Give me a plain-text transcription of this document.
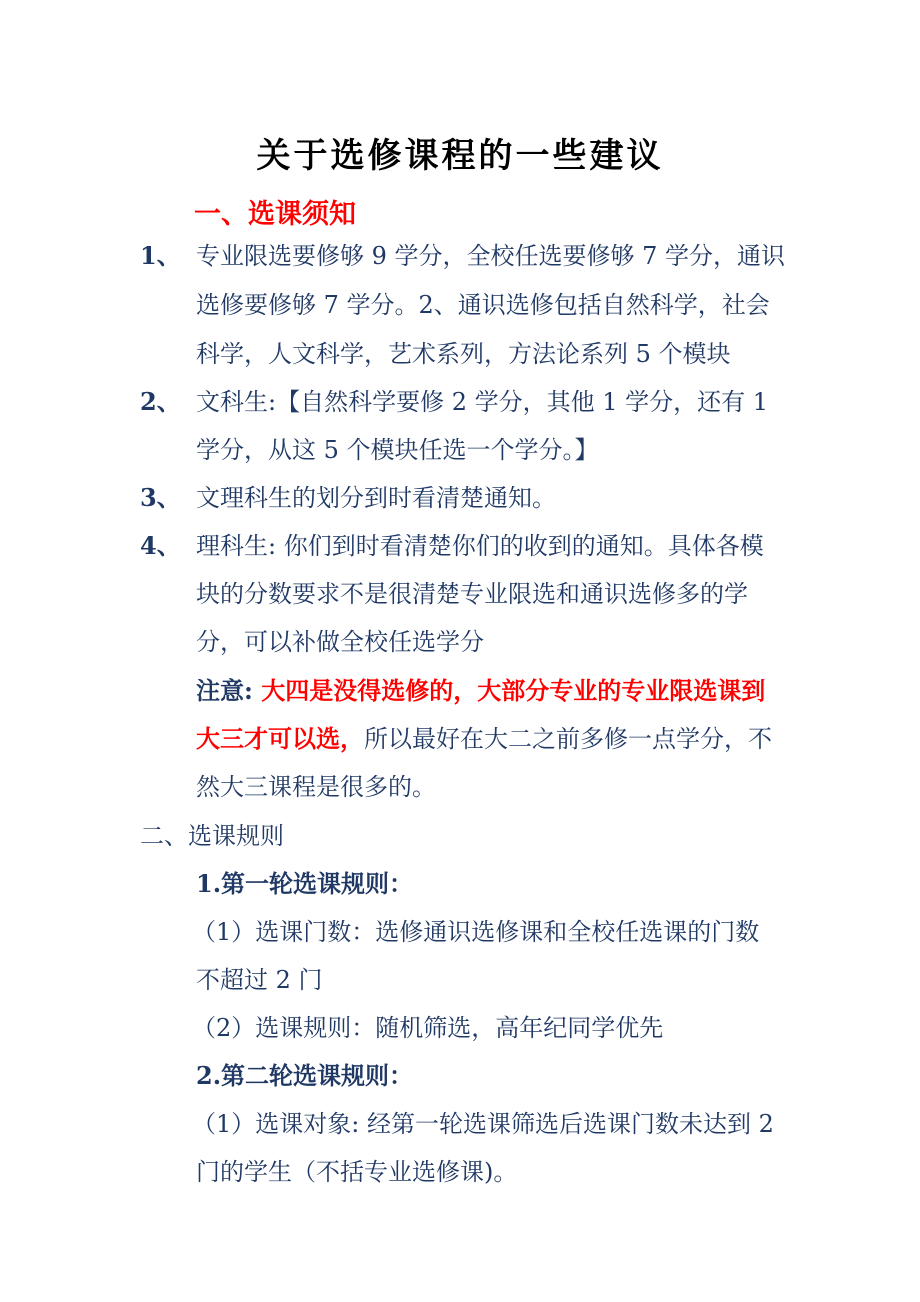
关于选修课程的一些建议
一、选课须知
1、 专业限选要修够 9 学分，全校任选要修够 7 学分，通识
选修要修够 7 学分。2、通识选修包括自然科学，社会
科学，人文科学，艺术系列，方法论系列 5 个模块
2、 文科生:【自然科学要修 2 学分，其他 1 学分，还有 1
学分，从这 5 个模块任选一个学分。】
3、 文理科生的划分到时看清楚通知。
4、 理科生: 你们到时看清楚你们的收到的通知。具体各模
块的分数要求不是很清楚专业限选和通识选修多的学
分，可以补做全校任选学分
注意: 大四是没得选修的，大部分专业的专业限选课到
大三才可以选，所以最好在大二之前多修一点学分，不
然大三课程是很多的。
二、选课规则
1.第一轮选课规则：
（1）选课门数：选修通识选修课和全校任选课的门数
不超过 2 门
（2）选课规则：随机筛选，高年纪同学优先
2.第二轮选课规则：
（1）选课对象: 经第一轮选课筛选后选课门数未达到 2
门的学生（不括专业选修课)。
